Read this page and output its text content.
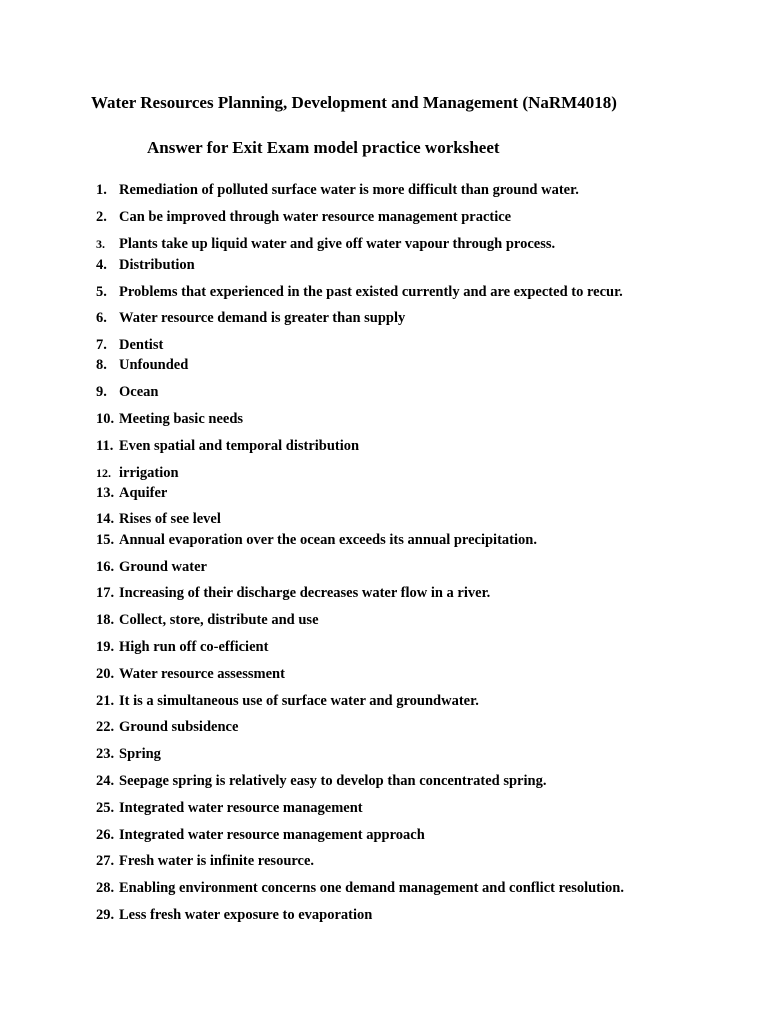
Water Resources Planning, Development and Management (NaRM4018)
Answer for Exit Exam model practice worksheet
1. Remediation of polluted surface water is more difficult than ground water.
2. Can be improved through water resource management practice
3. Plants take up liquid water and give off water vapour through process.
4. Distribution
5. Problems that experienced in the past existed currently and are expected to recur.
6. Water resource demand is greater than supply
7. Dentist
8. Unfounded
9. Ocean
10. Meeting basic needs
11. Even spatial and temporal distribution
12. irrigation
13. Aquifer
14. Rises of see level
15. Annual evaporation over the ocean exceeds its annual precipitation.
16. Ground water
17. Increasing of their discharge decreases water flow in a river.
18. Collect, store, distribute and use
19. High run off co-efficient
20. Water resource assessment
21. It is a simultaneous use of surface water and groundwater.
22. Ground subsidence
23. Spring
24. Seepage spring is relatively easy to develop than concentrated spring.
25. Integrated water resource management
26. Integrated water resource management approach
27. Fresh water is infinite resource.
28. Enabling environment concerns one demand management and conflict resolution.
29. Less fresh water exposure to evaporation
